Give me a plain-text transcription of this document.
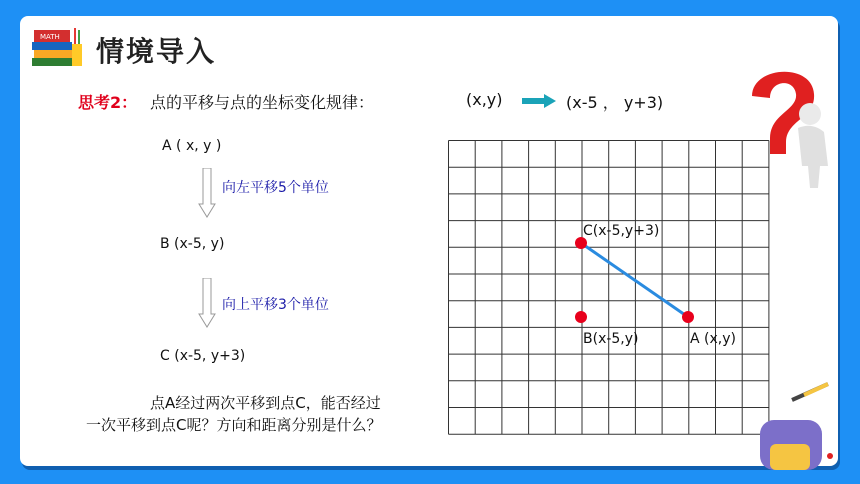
MATH 情境导入
思考2： 点的平移与点的坐标变化规律：	(x,y)	(x-5 ， y+3)
A ( x, y )
向左平移5个单位
B (x-5, y)
向上平移3个单位
C (x-5, y+3)
点A经过两次平移到点C，能否经过
一次平移到点C呢？方向和距离分别是什么？
C(x-5,y+3)
B(x-5,y)	A (x,y)
